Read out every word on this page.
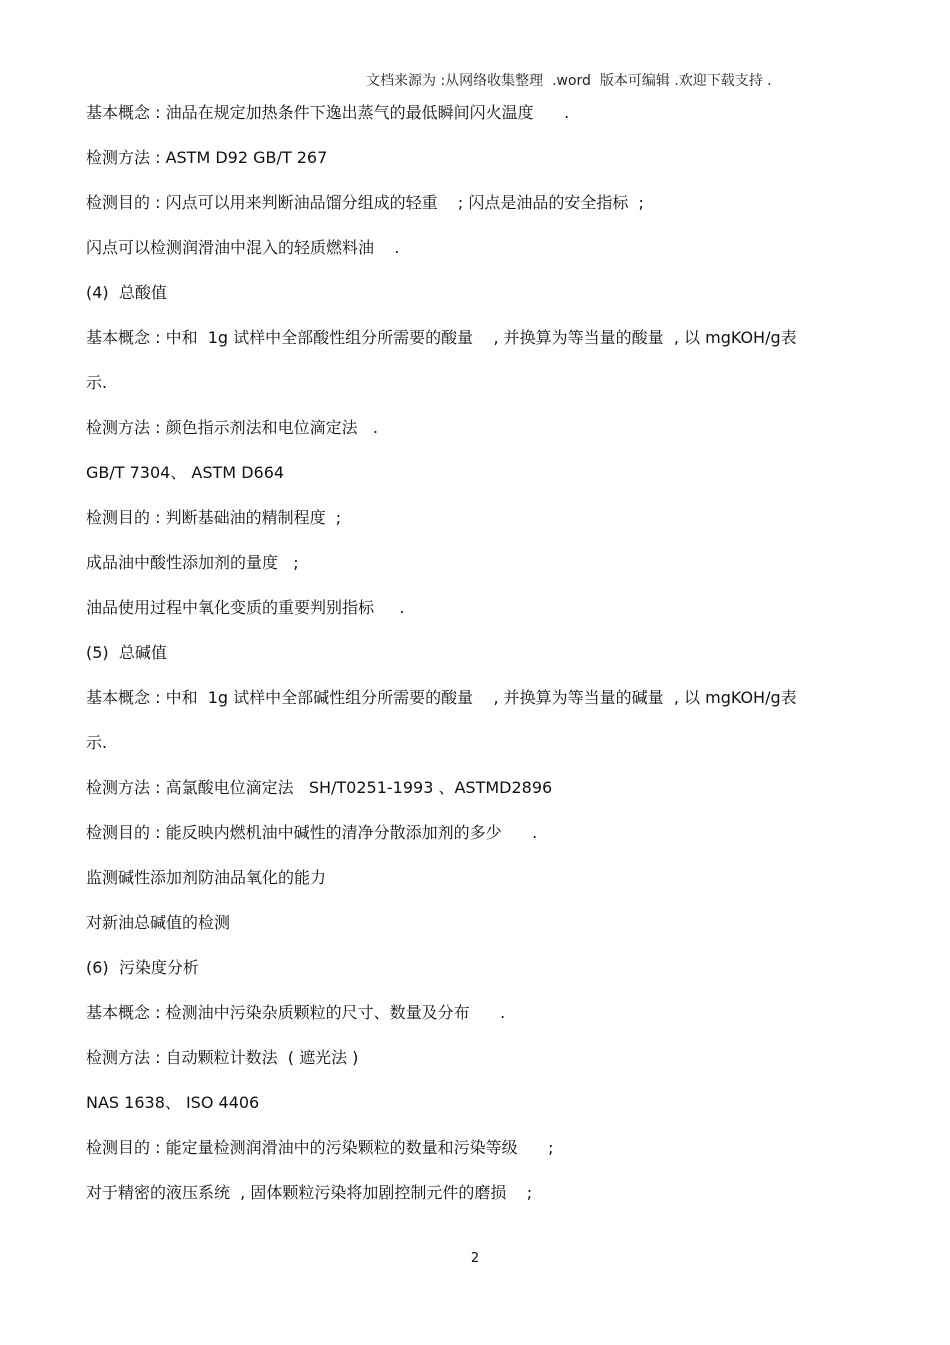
文档来源为 :从网络收集整理  .word  版本可编辑 .欢迎下载支持 .
基本概念 : 油品在规定加热条件下逸出蒸气的最低瞬间闪火温度      .
检测方法 : ASTM D92 GB/T 267
检测目的 : 闪点可以用来判断油品馏分组成的轻重    ; 闪点是油品的安全指标  ;
闪点可以检测润滑油中混入的轻质燃料油    .
(4)  总酸值
基本概念 : 中和  1g 试样中全部酸性组分所需要的酸量    , 并换算为等当量的酸量  , 以 mgKOH/g表
示.
检测方法 : 颜色指示剂法和电位滴定法   .
GB/T 7304、 ASTM D664
检测目的 : 判断基础油的精制程度  ;
成品油中酸性添加剂的量度   ;
油品使用过程中氧化变质的重要判别指标     .
(5)  总碱值
基本概念 : 中和  1g 试样中全部碱性组分所需要的酸量    , 并换算为等当量的碱量  , 以 mgKOH/g表
示.
检测方法 : 高氯酸电位滴定法   SH/T0251-1993 、ASTMD2896
检测目的 : 能反映内燃机油中碱性的清净分散添加剂的多少      .
监测碱性添加剂防油品氧化的能力
对新油总碱值的检测
(6)  污染度分析
基本概念 : 检测油中污染杂质颗粒的尺寸、数量及分布      .
检测方法 : 自动颗粒计数法  ( 遮光法 )
NAS 1638、 ISO 4406
检测目的 : 能定量检测润滑油中的污染颗粒的数量和污染等级      ;
对于精密的液压系统  , 固体颗粒污染将加剧控制元件的磨损    ;
2
